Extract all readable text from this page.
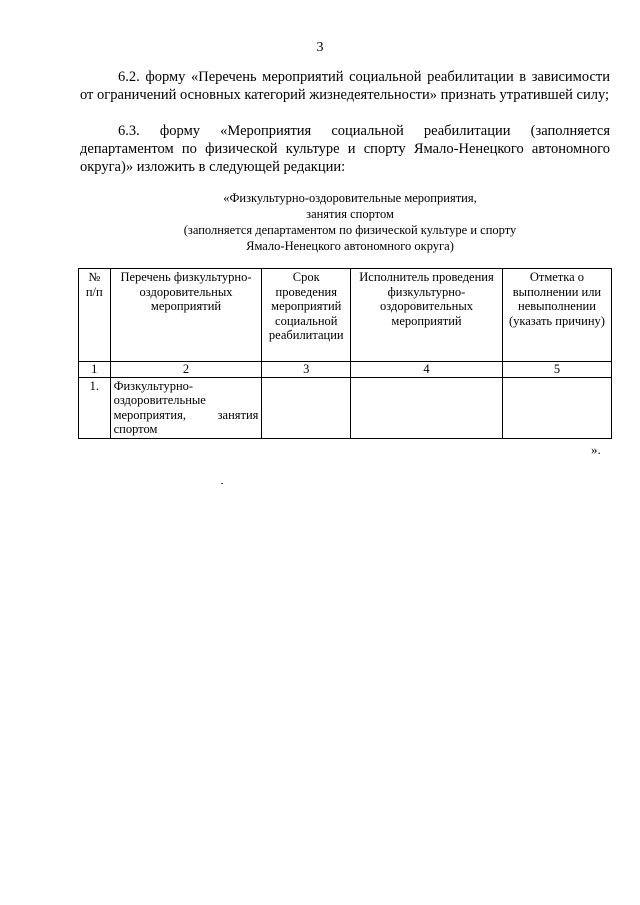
3
6.2. форму «Перечень мероприятий социальной реабилитации в зависимости от ограничений основных категорий жизнедеятельности» признать утратившей силу;
6.3. форму «Мероприятия социальной реабилитации (заполняется департаментом по физической культуре и спорту Ямало-Ненецкого автономного округа)» изложить в следующей редакции:
«Физкультурно-оздоровительные мероприятия,
занятия спортом
(заполняется департаментом по физической культуре и спорту
Ямало-Ненецкого автономного округа)
№ п/п	Перечень физкультурно-оздоровительных мероприятий	Срок проведения мероприятий социальной реабилитации	Исполнитель проведения физкультурно-оздоровительных мероприятий	Отметка о выполнении или невыполнении (указать причину)
1	2	3	4	5
1.	Физкультурно-оздоровительные мероприятия, занятия спортом			
».
